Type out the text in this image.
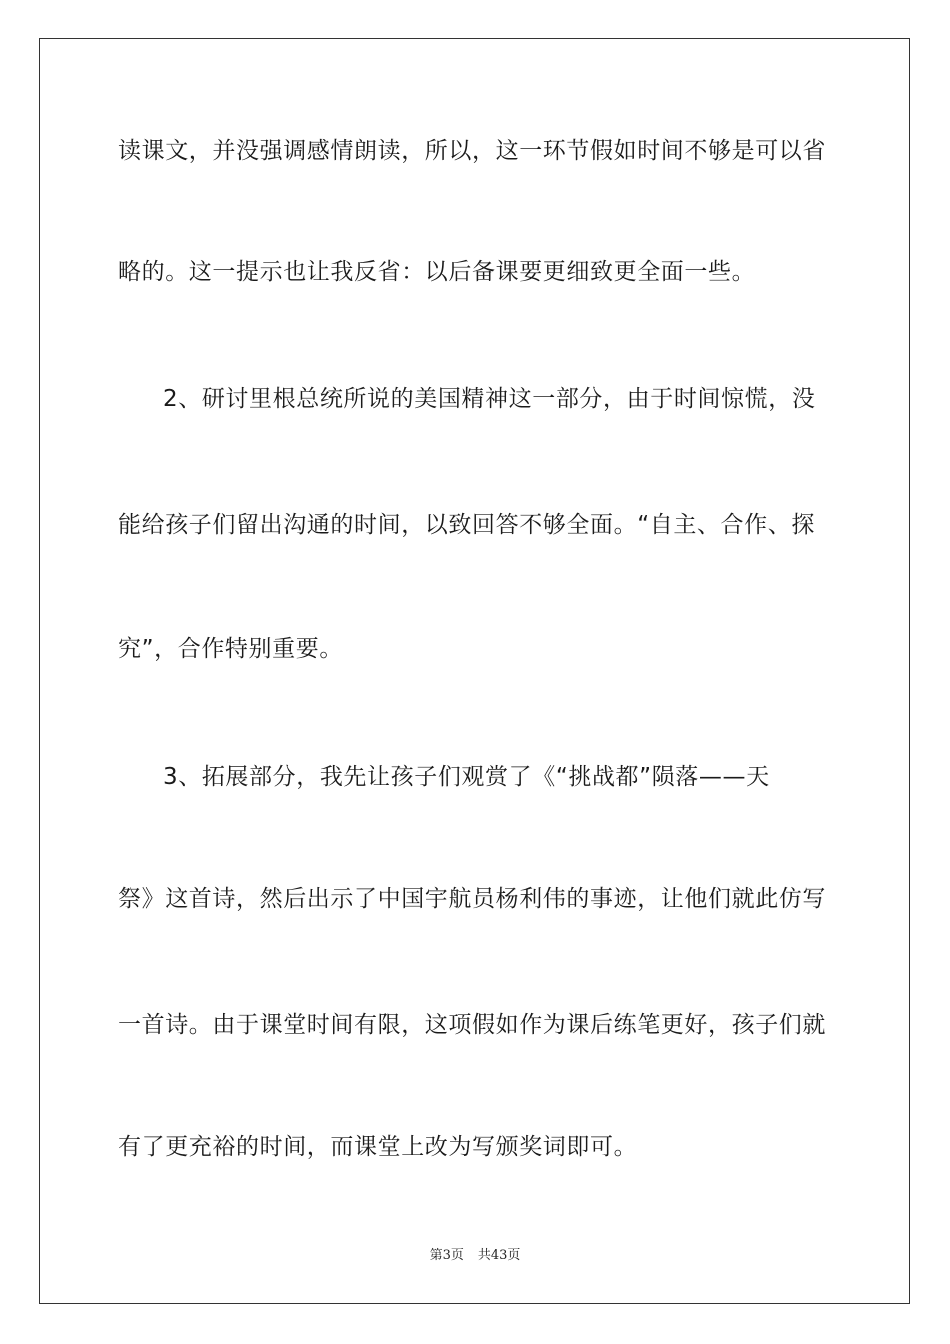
读课文，并没强调感情朗读，所以，这一环节假如时间不够是可以省
略的。这一提示也让我反省：以后备课要更细致更全面一些。
2、研讨里根总统所说的美国精神这一部分，由于时间惊慌，没
能给孩子们留出沟通的时间，以致回答不够全面。“自主、合作、探
究”，合作特别重要。
3、拓展部分，我先让孩子们观赏了《“挑战都”陨落——天
祭》这首诗，然后出示了中国宇航员杨利伟的事迹，让他们就此仿写
一首诗。由于课堂时间有限，这项假如作为课后练笔更好，孩子们就
有了更充裕的时间，而课堂上改为写颁奖词即可。
第3页 共43页
